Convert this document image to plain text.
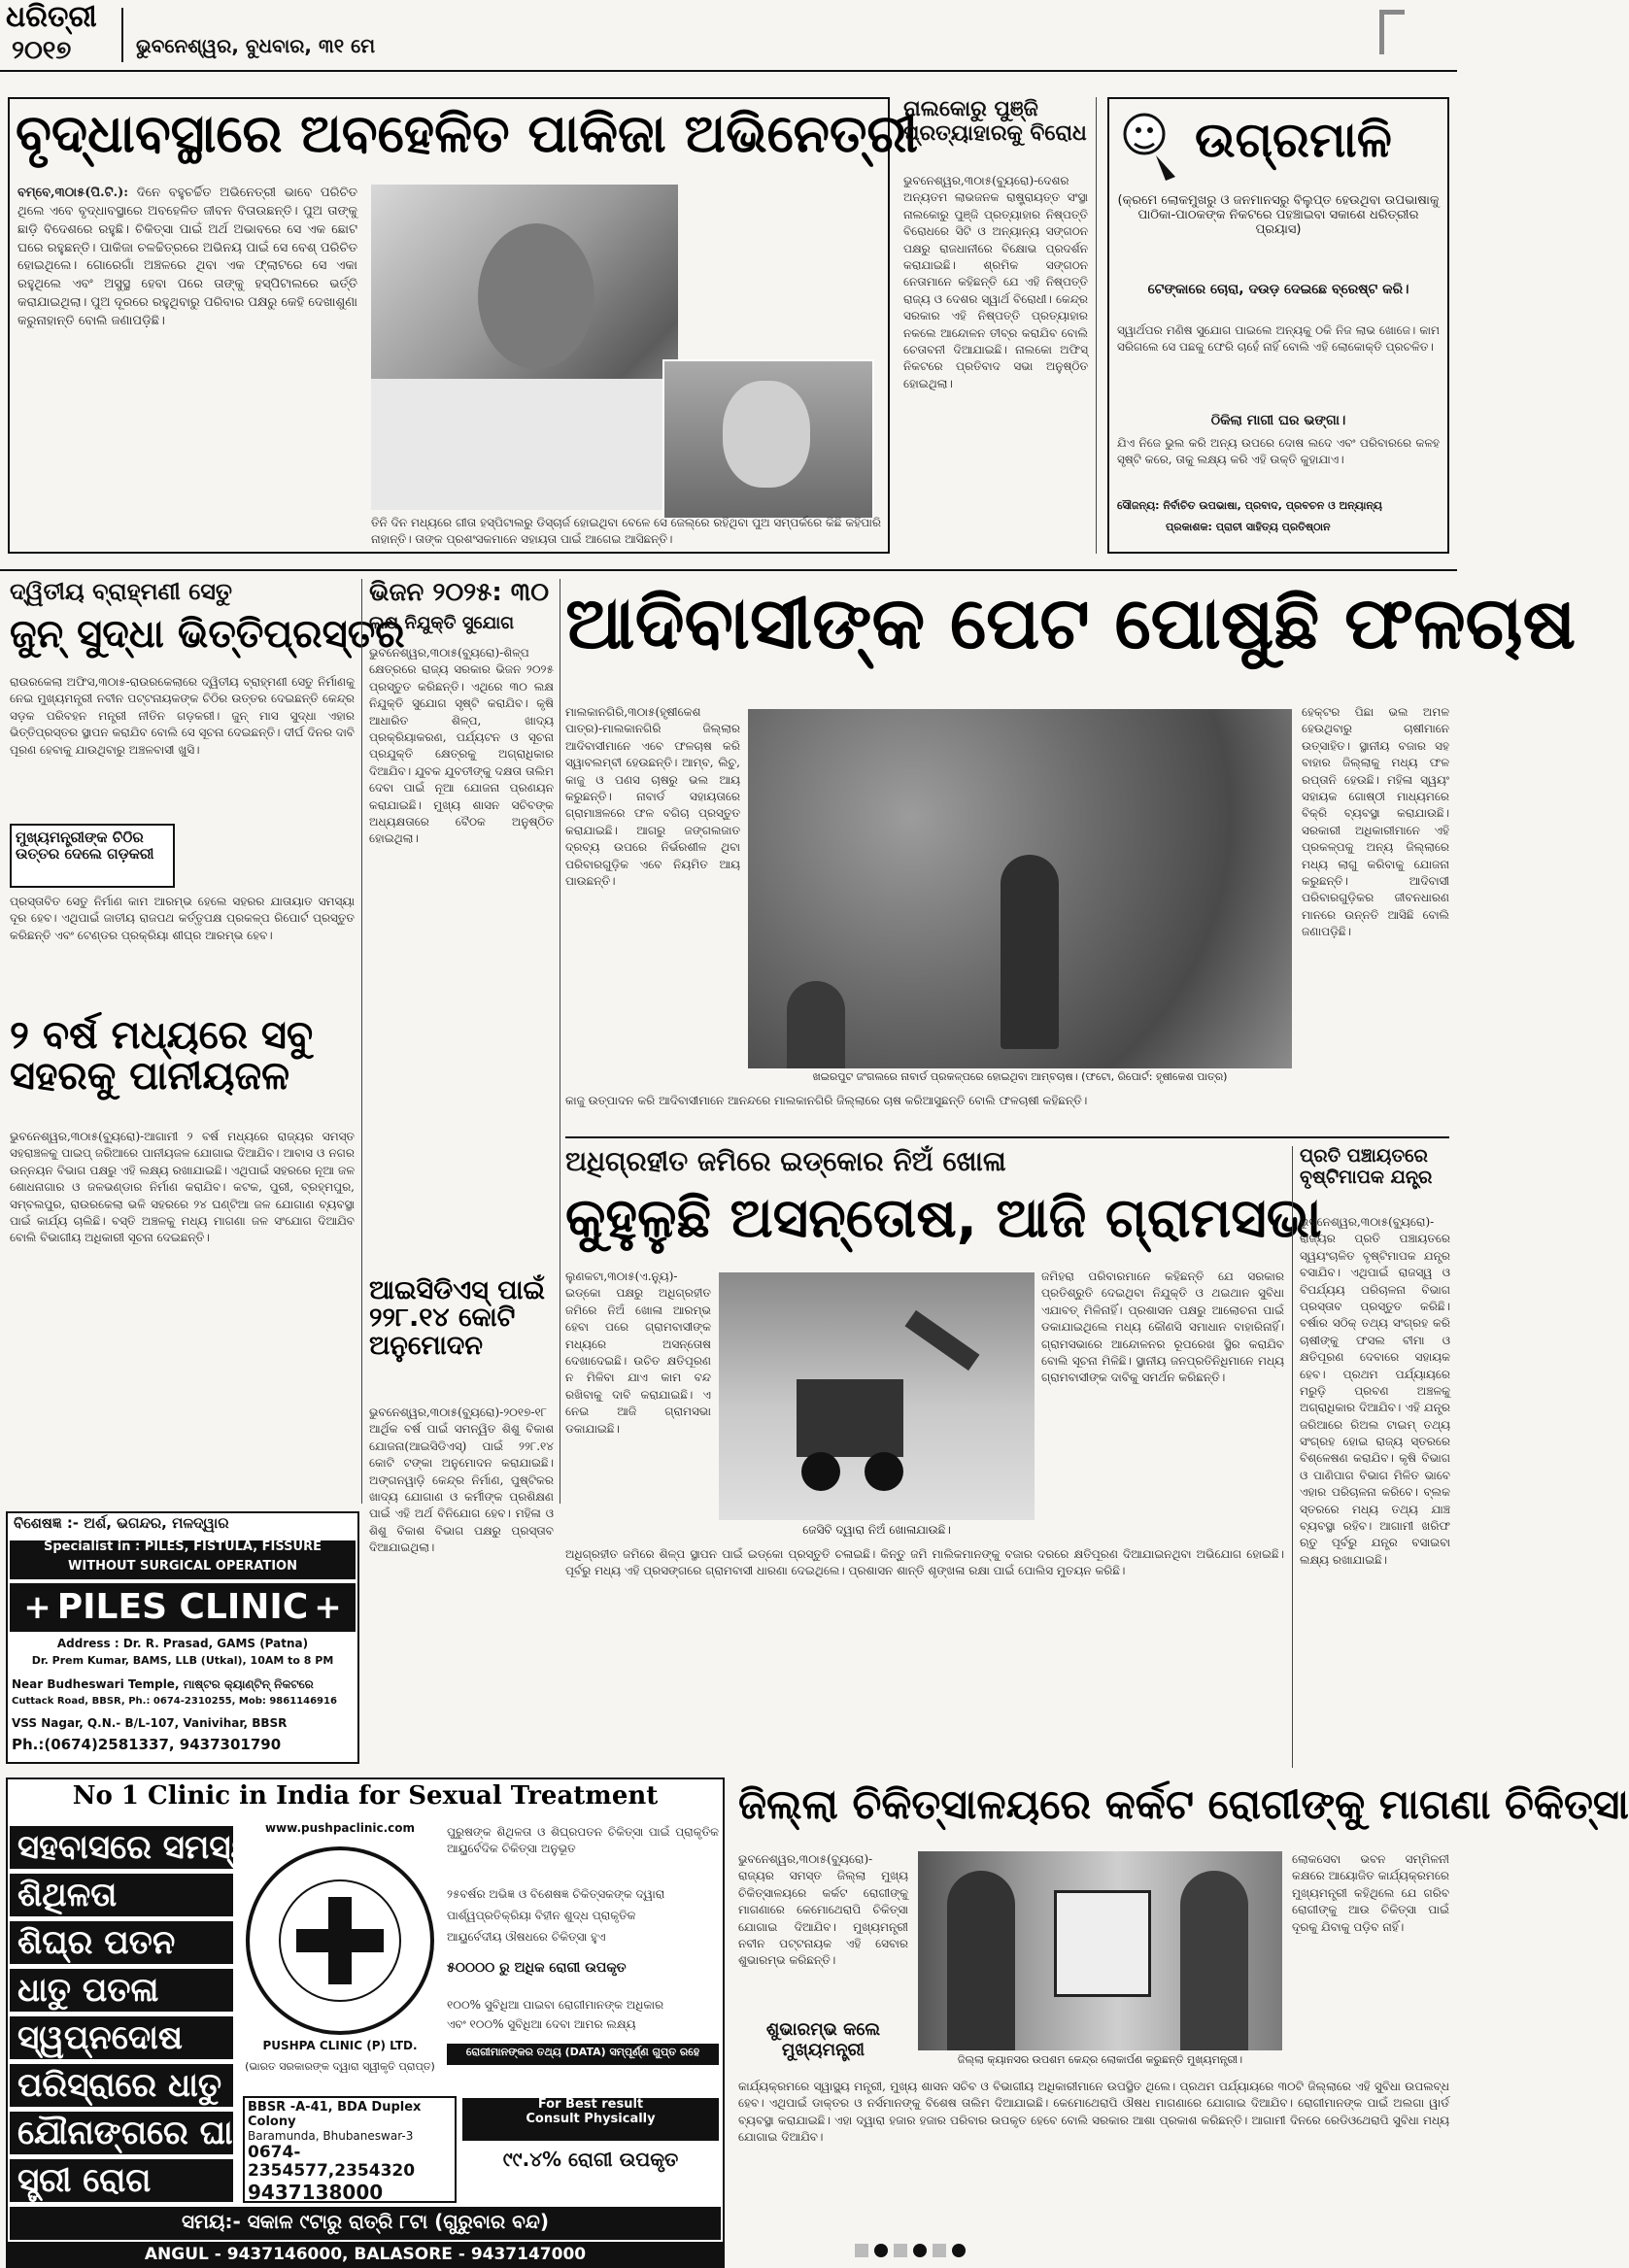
ଧରିତ୍ରୀ
୨୦୧୭	ଭୁବନେଶ୍ୱର, ବୁଧବାର, ୩୧ ମେ
ବୃଦ୍ଧାବସ୍ଥାରେ ଅବହେଳିତ ପାକିଜା ଅଭିନେତ୍ରୀ
ବମ୍ବେ,୩୦ା୫(ପି.ଟି.): ଦିନେ ବହୁଚର୍ଚ୍ଚିତ ଅଭିନେତ୍ରୀ ଭାବେ ପରିଚିତ ଥିଲେ ଏବେ ବୃଦ୍ଧାବସ୍ଥାରେ ଅବହେଳିତ ଜୀବନ ବିତାଉଛନ୍ତି। ପୁଅ ତାଙ୍କୁ ଛାଡ଼ି ବିଦେଶରେ ରହୁଛି। ଚିକିତ୍ସା ପାଇଁ ଅର୍ଥ ଅଭାବରେ ସେ ଏକ ଛୋଟ ଘରେ ରହୁଛନ୍ତି। ପାକିଜା ଚଳଚ୍ଚିତ୍ରରେ ଅଭିନୟ ପାଇଁ ସେ ବେଶ୍ ପରିଚିତ ହୋଇଥିଲେ। ଗୋରେଗାଁ ଅଞ୍ଚଳରେ ଥିବା ଏକ ଫ୍ଲାଟରେ ସେ ଏକା ରହୁଥିଲେ ଏବଂ ଅସୁସ୍ଥ ହେବା ପରେ ତାଙ୍କୁ ହସ୍ପିଟାଲରେ ଭର୍ତ୍ତି କରାଯାଇଥିଲା। ପୁଅ ଦୂରରେ ରହୁଥିବାରୁ ପରିବାର ପକ୍ଷରୁ କେହି ଦେଖାଶୁଣା କରୁନାହାନ୍ତି ବୋଲି ଜଣାପଡ଼ିଛି।
ତିନି ଦିନ ମଧ୍ୟରେ ଗୀତା ହସ୍ପିଟାଲରୁ ଡିସ୍‌ଚାର୍ଜ ହୋଇଥିବା ବେଳେ ସେ ଜେଲ୍‌ରେ ରହିଥିବା ପୁଅ ସମ୍ପର୍କରେ କିଛି କହିପାରି ନାହାନ୍ତି। ତାଙ୍କ ପ୍ରଶଂସକମାନେ ସହାୟତା ପାଇଁ ଆଗେଇ ଆସିଛନ୍ତି।
ନାଲକୋରୁ ପୁଞ୍ଜି ପ୍ରତ୍ୟାହାରକୁ ବିରୋଧ
ଭୁବନେଶ୍ୱର,୩୦ା୫(ବ୍ୟୁରୋ)-ଦେଶର ଅନ୍ୟତମ ଲାଭଜନକ ରାଷ୍ଟ୍ରାୟତ୍ତ ସଂସ୍ଥା ନାଲକୋରୁ ପୁଞ୍ଜି ପ୍ରତ୍ୟାହାର ନିଷ୍ପତ୍ତି ବିରୋଧରେ ସିଟି ଓ ଅନ୍ୟାନ୍ୟ ସଙ୍ଗଠନ ପକ୍ଷରୁ ରାଜଧାନୀରେ ବିକ୍ଷୋଭ ପ୍ରଦର୍ଶନ କରାଯାଇଛି। ଶ୍ରମିକ ସଙ୍ଗଠନ ନେତାମାନେ କହିଛନ୍ତି ଯେ ଏହି ନିଷ୍ପତ୍ତି ରାଜ୍ୟ ଓ ଦେଶର ସ୍ୱାର୍ଥ ବିରୋଧୀ। କେନ୍ଦ୍ର ସରକାର ଏହି ନିଷ୍ପତ୍ତି ପ୍ରତ୍ୟାହାର ନକଲେ ଆନ୍ଦୋଳନ ତୀବ୍ର କରାଯିବ ବୋଲି ଚେତାବନୀ ଦିଆଯାଇଛି। ନାଲକୋ ଅଫିସ୍ ନିକଟରେ ପ୍ରତିବାଦ ସଭା ଅନୁଷ୍ଠିତ ହୋଇଥିଲା।
ଉଗ୍ରମାଳି
(କ୍ରମେ ଲୋକମୁଖରୁ ଓ ଜନମାନସରୁ ବିଲୁପ୍ତ ହେଉଥିବା ଉପଭାଷାକୁ ପାଠିକା-ପାଠକଙ୍କ ନିକଟରେ ପହଞ୍ଚାଇବା ସକାଶେ ଧରିତ୍ରୀର ପ୍ରୟାସ)
ଟେଙ୍କାରେ ଚୋରା, ଦଉଡ଼ ଦେଇଛେ ବ୍ରେଷ୍ଟ କରି।
ସ୍ୱାର୍ଥପର ମଣିଷ ସୁଯୋଗ ପାଇଲେ ଅନ୍ୟକୁ ଠକି ନିଜ ଲାଭ ଖୋଜେ। କାମ ସରିଗଲେ ସେ ପଛକୁ ଫେରି ଚାହେଁ ନାହିଁ ବୋଲି ଏହି ଲୋକୋକ୍ତି ପ୍ରଚଳିତ।
ଠିକିଲା ମାଗୀ ଘର ଭଙ୍ଗା।
ଯିଏ ନିଜେ ଭୁଲ କରି ଅନ୍ୟ ଉପରେ ଦୋଷ ଲଦେ ଏବଂ ପରିବାରରେ କଳହ ସୃଷ୍ଟି କରେ, ତାକୁ ଲକ୍ଷ୍ୟ କରି ଏହି ଉକ୍ତି କୁହାଯାଏ।
ସୌଜନ୍ୟ: ନିର୍ବାଚିତ ଉପଭାଷା, ପ୍ରବାଦ, ପ୍ରବଚନ ଓ ଅନ୍ୟାନ୍ୟ
ପ୍ରକାଶକ: ପ୍ରାଚୀ ସାହିତ୍ୟ ପ୍ରତିଷ୍ଠାନ
ଦ୍ୱିତୀୟ ବ୍ରାହ୍ମଣୀ ସେତୁ
ଜୁନ୍ ସୁଦ୍ଧା ଭିତ୍ତିପ୍ରସ୍ତର
ରାଉରକେଲା ଅଫିସ,୩୦ା୫-ରାଉରକେଲାରେ ଦ୍ୱିତୀୟ ବ୍ରାହ୍ମଣୀ ସେତୁ ନିର୍ମାଣକୁ ନେଇ ମୁଖ୍ୟମନ୍ତ୍ରୀ ନବୀନ ପଟ୍ଟନାୟକଙ୍କ ଚିଠିର ଉତ୍ତର ଦେଇଛନ୍ତି କେନ୍ଦ୍ର ସଡ଼କ ପରିବହନ ମନ୍ତ୍ରୀ ନୀତିନ ଗଡ଼କରୀ। ଜୁନ୍ ମାସ ସୁଦ୍ଧା ଏହାର ଭିତ୍ତିପ୍ରସ୍ତର ସ୍ଥାପନ କରାଯିବ ବୋଲି ସେ ସୂଚନା ଦେଇଛନ୍ତି। ଦୀର୍ଘ ଦିନର ଦାବି ପୂରଣ ହେବାକୁ ଯାଉଥିବାରୁ ଅଞ୍ଚଳବାସୀ ଖୁସି।
ମୁଖ୍ୟମନ୍ତ୍ରୀଙ୍କ ଚିଠିର ଉତ୍ତର ଦେଲେ ଗଡ଼କରୀ
ପ୍ରସ୍ତାବିତ ସେତୁ ନିର୍ମାଣ କାମ ଆରମ୍ଭ ହେଲେ ସହରର ଯାତାୟାତ ସମସ୍ୟା ଦୂର ହେବ। ଏଥିପାଇଁ ଜାତୀୟ ରାଜପଥ କର୍ତ୍ତୃପକ୍ଷ ପ୍ରକଳ୍ପ ରିପୋର୍ଟ ପ୍ରସ୍ତୁତ କରିଛନ୍ତି ଏବଂ ଟେଣ୍ଡର ପ୍ରକ୍ରିୟା ଶୀଘ୍ର ଆରମ୍ଭ ହେବ।
୨ ବର୍ଷ ମଧ୍ୟରେ ସବୁ ସହରକୁ ପାନୀୟଜଳ
ଭୁବନେଶ୍ୱର,୩୦ା୫(ବ୍ୟୁରୋ)-ଆଗାମୀ ୨ ବର୍ଷ ମଧ୍ୟରେ ରାଜ୍ୟର ସମସ୍ତ ସହରାଞ୍ଚଳକୁ ପାଇପ୍ ଜରିଆରେ ପାନୀୟଜଳ ଯୋଗାଇ ଦିଆଯିବ। ଆବାସ ଓ ନଗର ଉନ୍ନୟନ ବିଭାଗ ପକ୍ଷରୁ ଏହି ଲକ୍ଷ୍ୟ ରଖାଯାଇଛି। ଏଥିପାଇଁ ସହରରେ ନୂଆ ଜଳ ଶୋଧନାଗାର ଓ ଜଳଭଣ୍ଡାର ନିର୍ମାଣ କରାଯିବ। କଟକ, ପୁରୀ, ବ୍ରହ୍ମପୁର, ସମ୍ବଲପୁର, ରାଉରକେଲା ଭଳି ସହରରେ ୨୪ ଘଣ୍ଟିଆ ଜଳ ଯୋଗାଣ ବ୍ୟବସ୍ଥା ପାଇଁ କାର୍ଯ୍ୟ ଚାଲିଛି। ବସ୍ତି ଅଞ୍ଚଳକୁ ମଧ୍ୟ ମାଗଣା ଜଳ ସଂଯୋଗ ଦିଆଯିବ ବୋଲି ବିଭାଗୀୟ ଅଧିକାରୀ ସୂଚନା ଦେଇଛନ୍ତି।
ଭିଜନ ୨୦୨୫: ୩୦
ଲକ୍ଷ ନିଯୁକ୍ତି ସୁଯୋଗ
ଭୁବନେଶ୍ୱର,୩୦ା୫(ବ୍ୟୁରୋ)-ଶିଳ୍ପ କ୍ଷେତ୍ରରେ ରାଜ୍ୟ ସରକାର ଭିଜନ ୨୦୨୫ ପ୍ରସ୍ତୁତ କରିଛନ୍ତି। ଏଥିରେ ୩୦ ଲକ୍ଷ ନିଯୁକ୍ତି ସୁଯୋଗ ସୃଷ୍ଟି କରାଯିବ। କୃଷି ଆଧାରିତ ଶିଳ୍ପ, ଖାଦ୍ୟ ପ୍ରକ୍ରିୟାକରଣ, ପର୍ଯ୍ୟଟନ ଓ ସୂଚନା ପ୍ରଯୁକ୍ତି କ୍ଷେତ୍ରକୁ ଅଗ୍ରାଧିକାର ଦିଆଯିବ। ଯୁବକ ଯୁବତୀଙ୍କୁ ଦକ୍ଷତା ତାଲିମ ଦେବା ପାଇଁ ନୂଆ ଯୋଜନା ପ୍ରଣୟନ କରାଯାଇଛି। ମୁଖ୍ୟ ଶାସନ ସଚିବଙ୍କ ଅଧ୍ୟକ୍ଷତାରେ ବୈଠକ ଅନୁଷ୍ଠିତ ହୋଇଥିଲା।
ଆଇସିଡିଏସ୍ ପାଇଁ ୨୨୮.୧୪ କୋଟି ଅନୁମୋଦନ
ଭୁବନେଶ୍ୱର,୩୦ା୫(ବ୍ୟୁରୋ)-୨୦୧୭-୧୮ ଆର୍ଥିକ ବର୍ଷ ପାଇଁ ସମନ୍ୱିତ ଶିଶୁ ବିକାଶ ଯୋଜନା(ଆଇସିଡିଏସ୍) ପାଇଁ ୨୨୮.୧୪ କୋଟି ଟଙ୍କା ଅନୁମୋଦନ କରାଯାଇଛି। ଅଙ୍ଗନୱାଡ଼ି କେନ୍ଦ୍ର ନିର୍ମାଣ, ପୁଷ୍ଟିକର ଖାଦ୍ୟ ଯୋଗାଣ ଓ କର୍ମୀଙ୍କ ପ୍ରଶିକ୍ଷଣ ପାଇଁ ଏହି ଅର୍ଥ ବିନିଯୋଗ ହେବ। ମହିଳା ଓ ଶିଶୁ ବିକାଶ ବିଭାଗ ପକ୍ଷରୁ ପ୍ରସ୍ତାବ ଦିଆଯାଇଥିଲା।
ଆଦିବାସୀଙ୍କ ପେଟ ପୋଷୁଛି ଫଳଚାଷ
ମାଲକାନଗିରି,୩୦ା୫(ହୃଷୀକେଶ ପାତ୍ର)-ମାଲକାନଗିରି ଜିଲ୍ଲାର ଆଦିବାସୀମାନେ ଏବେ ଫଳଚାଷ କରି ସ୍ୱାବଲମ୍ବୀ ହେଉଛନ୍ତି। ଆମ୍ବ, ଲିଚୁ, କାଜୁ ଓ ପଣସ ଚାଷରୁ ଭଲ ଆୟ କରୁଛନ୍ତି। ନାବାର୍ଡ ସହାୟତାରେ ଗ୍ରାମାଞ୍ଚଳରେ ଫଳ ବଗିଚା ପ୍ରସ୍ତୁତ କରାଯାଇଛି। ଆଗରୁ ଜଙ୍ଗଲଜାତ ଦ୍ରବ୍ୟ ଉପରେ ନିର୍ଭରଶୀଳ ଥିବା ପରିବାରଗୁଡ଼ିକ ଏବେ ନିୟମିତ ଆୟ ପାଉଛନ୍ତି।
ଖଇରପୁଟ ଜଂଗଲରେ ନାବାର୍ଡ ପ୍ରକଳ୍ପରେ ହୋଇଥିବା ଆମ୍ବଚାଷ। (ଫଟୋ, ରିପୋର୍ଟ: ହୃଷୀକେଶ ପାତ୍ର)
ହେକ୍ଟର ପିଛା ଭଲ ଅମଳ ହେଉଥିବାରୁ ଚାଷୀମାନେ ଉତ୍ସାହିତ। ସ୍ଥାନୀୟ ବଜାର ସହ ବାହାର ଜିଲ୍ଲାକୁ ମଧ୍ୟ ଫଳ ରପ୍ତାନି ହେଉଛି। ମହିଳା ସ୍ୱୟଂ ସହାୟକ ଗୋଷ୍ଠୀ ମାଧ୍ୟମରେ ବିକ୍ରି ବ୍ୟବସ୍ଥା କରାଯାଉଛି। ସରକାରୀ ଅଧିକାରୀମାନେ ଏହି ପ୍ରକଳ୍ପକୁ ଅନ୍ୟ ଜିଲ୍ଲାରେ ମଧ୍ୟ ଲାଗୁ କରିବାକୁ ଯୋଜନା କରୁଛନ୍ତି। ଆଦିବାସୀ ପରିବାରଗୁଡ଼ିକର ଜୀବନଧାରଣ ମାନରେ ଉନ୍ନତି ଆସିଛି ବୋଲି ଜଣାପଡ଼ିଛି।
କାଜୁ ଉତ୍ପାଦନ କରି ଆଦିବାସୀମାନେ ଆନନ୍ଦରେ ମାଲକାନଗିରି ଜିଲ୍ଲାରେ ଚାଷ କରିଆସୁଛନ୍ତି ବୋଲି ଫଳଚାଷୀ କହିଛନ୍ତି।
ଅଧିଗ୍ରହୀତ ଜମିରେ ଇଡ୍‌କୋର ନିଅଁ ଖୋଳା
କୁହୁଳୁଛି ଅସନ୍ତୋଷ, ଆଜି ଗ୍ରାମସଭା
ଲୁଣକଟା,୩୦ା୫(ଏ.ନ୍ୟୁ)-ଇଡ୍‌କୋ ପକ୍ଷରୁ ଅଧିଗ୍ରହୀତ ଜମିରେ ନିଅଁ ଖୋଳା ଆରମ୍ଭ ହେବା ପରେ ଗ୍ରାମବାସୀଙ୍କ ମଧ୍ୟରେ ଅସନ୍ତୋଷ ଦେଖାଦେଇଛି। ଉଚିତ କ୍ଷତିପୂରଣ ନ ମିଳିବା ଯାଏ କାମ ବନ୍ଦ ରଖିବାକୁ ଦାବି କରାଯାଇଛି। ଏ ନେଇ ଆଜି ଗ୍ରାମସଭା ଡକାଯାଇଛି।
ଜେସିବି ଦ୍ୱାରା ନିଅଁ ଖୋଳାଯାଉଛି।
ଜମିହରା ପରିବାରମାନେ କହିଛନ୍ତି ଯେ ସରକାର ପ୍ରତିଶ୍ରୁତି ଦେଇଥିବା ନିଯୁକ୍ତି ଓ ଥଇଥାନ ସୁବିଧା ଏଯାବତ୍ ମିଳିନାହିଁ। ପ୍ରଶାସନ ପକ୍ଷରୁ ଆଲୋଚନା ପାଇଁ ଡକାଯାଇଥିଲେ ମଧ୍ୟ କୌଣସି ସମାଧାନ ବାହାରିନାହିଁ। ଗ୍ରାମସଭାରେ ଆନ୍ଦୋଳନର ରୂପରେଖ ସ୍ଥିର କରାଯିବ ବୋଲି ସୂଚନା ମିଳିଛି। ସ୍ଥାନୀୟ ଜନପ୍ରତିନିଧିମାନେ ମଧ୍ୟ ଗ୍ରାମବାସୀଙ୍କ ଦାବିକୁ ସମର୍ଥନ କରିଛନ୍ତି।
ଅଧିଗ୍ରହୀତ ଜମିରେ ଶିଳ୍ପ ସ୍ଥାପନ ପାଇଁ ଇଡ୍‌କୋ ପ୍ରସ୍ତୁତି ଚଳାଇଛି। କିନ୍ତୁ ଜମି ମାଲିକମାନଙ୍କୁ ବଜାର ଦରରେ କ୍ଷତିପୂରଣ ଦିଆଯାଇନଥିବା ଅଭିଯୋଗ ହୋଇଛି। ପୂର୍ବରୁ ମଧ୍ୟ ଏହି ପ୍ରସଙ୍ଗରେ ଗ୍ରାମବାସୀ ଧାରଣା ଦେଇଥିଲେ। ପ୍ରଶାସନ ଶାନ୍ତି ଶୃଙ୍ଖଳା ରକ୍ଷା ପାଇଁ ପୋଲିସ ମୁତୟନ କରିଛି।
ପ୍ରତି ପଞ୍ଚାୟତରେ ବୃଷ୍ଟିମାପକ ଯନ୍ତ୍ର
ଭୁବନେଶ୍ୱର,୩୦ା୫(ବ୍ୟୁରୋ)-ରାଜ୍ୟର ପ୍ରତି ପଞ୍ଚାୟତରେ ସ୍ୱୟଂଚାଳିତ ବୃଷ୍ଟିମାପକ ଯନ୍ତ୍ର ବସାଯିବ। ଏଥିପାଇଁ ରାଜସ୍ୱ ଓ ବିପର୍ଯ୍ୟୟ ପରିଚାଳନା ବିଭାଗ ପ୍ରସ୍ତାବ ପ୍ରସ୍ତୁତ କରିଛି। ବର୍ଷାର ସଠିକ୍ ତଥ୍ୟ ସଂଗ୍ରହ କରି ଚାଷୀଙ୍କୁ ଫସଲ ବୀମା ଓ କ୍ଷତିପୂରଣ ଦେବାରେ ସହାୟକ ହେବ। ପ୍ରଥମ ପର୍ଯ୍ୟାୟରେ ମରୁଡ଼ି ପ୍ରବଣ ଅଞ୍ଚଳକୁ ଅଗ୍ରାଧିକାର ଦିଆଯିବ। ଏହି ଯନ୍ତ୍ର ଜରିଆରେ ରିଅଲ ଟାଇମ୍ ତଥ୍ୟ ସଂଗ୍ରହ ହୋଇ ରାଜ୍ୟ ସ୍ତରରେ ବିଶ୍ଳେଷଣ କରାଯିବ। କୃଷି ବିଭାଗ ଓ ପାଣିପାଗ ବିଭାଗ ମିଳିତ ଭାବେ ଏହାର ପରିଚାଳନା କରିବେ। ବ୍ଲକ ସ୍ତରରେ ମଧ୍ୟ ତଥ୍ୟ ଯାଞ୍ଚ ବ୍ୟବସ୍ଥା ରହିବ। ଆଗାମୀ ଖରିଫ ଋତୁ ପୂର୍ବରୁ ଯନ୍ତ୍ର ବସାଇବା ଲକ୍ଷ୍ୟ ରଖାଯାଇଛି।
ବିଶେଷଜ୍ଞ :- ଅର୍ଶ, ଭଗନ୍ଦର, ମଳଦ୍ୱାର
Specialist in : PILES, FISTULA, FISSURE
WITHOUT SURGICAL OPERATION
+ PILES CLINIC +
Address : Dr. R. Prasad, GAMS (Patna)
Dr. Prem Kumar, BAMS, LLB (Utkal), 10AM to 8 PM
Near Budheswari Temple, ମାଷ୍ଟର କ୍ୟାଣ୍ଟିନ୍ ନିକଟରେ
Cuttack Road, BBSR, Ph.: 0674-2310255, Mob: 9861146916
VSS Nagar, Q.N.- B/L-107, Vanivihar, BBSR
Ph.:(0674)2581337, 9437301790
No 1 Clinic in India for Sexual Treatment
ସହବାସରେ ସମସ୍ୟା
ଶିଥିଳତା
ଶିଘ୍ର ପତନ
ଧାତୁ ପତଳା
ସ୍ୱପ୍ନଦୋଷ
ପରିସ୍ରାରେ ଧାତୁ
ଯୌନାଙ୍ଗରେ ଘା
ସ୍ତ୍ରୀ ରୋଗ
www.pushpaclinic.com
PUSHPA CLINIC (P) LTD.
ପୁରୁଷଙ୍କ ଶିଥିଳତା ଓ ଶିଘ୍ରପତନ ଚିକିତ୍ସା ପାଇଁ ପ୍ରାକୃତିକ ଆୟୁର୍ବେଦିକ ଚିକିତ୍ସା ଅନୁଭୂତ
୨୫ବର୍ଷର ଅଭିଜ୍ଞ ଓ ବିଶେଷଜ୍ଞ ଚିକିତ୍ସକଙ୍କ ଦ୍ୱାରା
ପାର୍ଶ୍ୱପ୍ରତିକ୍ରିୟା ବିହୀନ ଶୁଦ୍ଧ ପ୍ରାକୃତିକ
ଆୟୁର୍ବେଦୀୟ ଔଷଧରେ ଚିକିତ୍ସା ହୁଏ
୫୦୦୦୦ ରୁ ଅଧିକ ରୋଗୀ ଉପକୃତ
୧୦୦% ସୁବିଧିଆ ପାଇବା ରୋଗୀମାନଙ୍କ ଅଧିକାର
ଏବଂ ୧୦୦% ସୁବିଧିଆ ଦେବା ଆମର ଲକ୍ଷ୍ୟ
ରୋଗୀମାନଙ୍କର ତଥ୍ୟ (DATA) ସମ୍ପୂର୍ଣ୍ଣ ଗୁପ୍ତ ରହେ
(ଭାରତ ସରକାରଙ୍କ ଦ୍ୱାରା ସ୍ୱୀକୃତି ପ୍ରାପ୍ତ)
BBSR -A-41, BDA Duplex Colony
Baramunda, Bhubaneswar-3
0674-2354577,2354320
9437138000
For Best result
Consult Physically
୯୯.୪% ରୋଗୀ ଉପକୃତ
ସମୟ:- ସକାଳ ୯ଟାରୁ ରାତ୍ରି ୮ଟା (ଗୁରୁବାର ବନ୍ଦ)
ଜିଲ୍ଲା ଚିକିତ୍ସାଳୟରେ କର୍କଟ ରୋଗୀଙ୍କୁ ମାଗଣା ଚିକିତ୍ସା
ଭୁବନେଶ୍ୱର,୩୦ା୫(ବ୍ୟୁରୋ)-ରାଜ୍ୟର ସମସ୍ତ ଜିଲ୍ଲା ମୁଖ୍ୟ ଚିକିତ୍ସାଳୟରେ କର୍କଟ ରୋଗୀଙ୍କୁ ମାଗଣାରେ କେମୋଥେରାପି ଚିକିତ୍ସା ଯୋଗାଇ ଦିଆଯିବ। ମୁଖ୍ୟମନ୍ତ୍ରୀ ନବୀନ ପଟ୍ଟନାୟକ ଏହି ସେବାର ଶୁଭାରମ୍ଭ କରିଛନ୍ତି।
ଶୁଭାରମ୍ଭ କଲେ ମୁଖ୍ୟମନ୍ତ୍ରୀ	ଜିଲ୍ଲା କ୍ୟାନସର ଉପଶମ କେନ୍ଦ୍ର ଲୋକାର୍ପଣ କରୁଛନ୍ତି ମୁଖ୍ୟମନ୍ତ୍ରୀ।
ଲୋକସେବା ଭବନ ସମ୍ମିଳନୀ କକ୍ଷରେ ଆୟୋଜିତ କାର୍ଯ୍ୟକ୍ରମରେ ମୁଖ୍ୟମନ୍ତ୍ରୀ କହିଥିଲେ ଯେ ଗରିବ ରୋଗୀଙ୍କୁ ଆଉ ଚିକିତ୍ସା ପାଇଁ ଦୂରକୁ ଯିବାକୁ ପଡ଼ିବ ନାହିଁ।
କାର୍ଯ୍ୟକ୍ରମରେ ସ୍ୱାସ୍ଥ୍ୟ ମନ୍ତ୍ରୀ, ମୁଖ୍ୟ ଶାସନ ସଚିବ ଓ ବିଭାଗୀୟ ଅଧିକାରୀମାନେ ଉପସ୍ଥିତ ଥିଲେ। ପ୍ରଥମ ପର୍ଯ୍ୟାୟରେ ୩୦ଟି ଜିଲ୍ଲାରେ ଏହି ସୁବିଧା ଉପଲବ୍ଧ ହେବ। ଏଥିପାଇଁ ଡାକ୍ତର ଓ ନର୍ସମାନଙ୍କୁ ବିଶେଷ ତାଲିମ ଦିଆଯାଇଛି। କେମୋଥେରାପି ଔଷଧ ମାଗଣାରେ ଯୋଗାଇ ଦିଆଯିବ। ରୋଗୀମାନଙ୍କ ପାଇଁ ଅଲଗା ୱାର୍ଡ ବ୍ୟବସ୍ଥା କରାଯାଇଛି। ଏହା ଦ୍ୱାରା ହଜାର ହଜାର ପରିବାର ଉପକୃତ ହେବେ ବୋଲି ସରକାର ଆଶା ପ୍ରକାଶ କରିଛନ୍ତି। ଆଗାମୀ ଦିନରେ ରେଡିଓଥେରାପି ସୁବିଧା ମଧ୍ୟ ଯୋଗାଇ ଦିଆଯିବ।
ANGUL - 9437146000, BALASORE - 9437147000
